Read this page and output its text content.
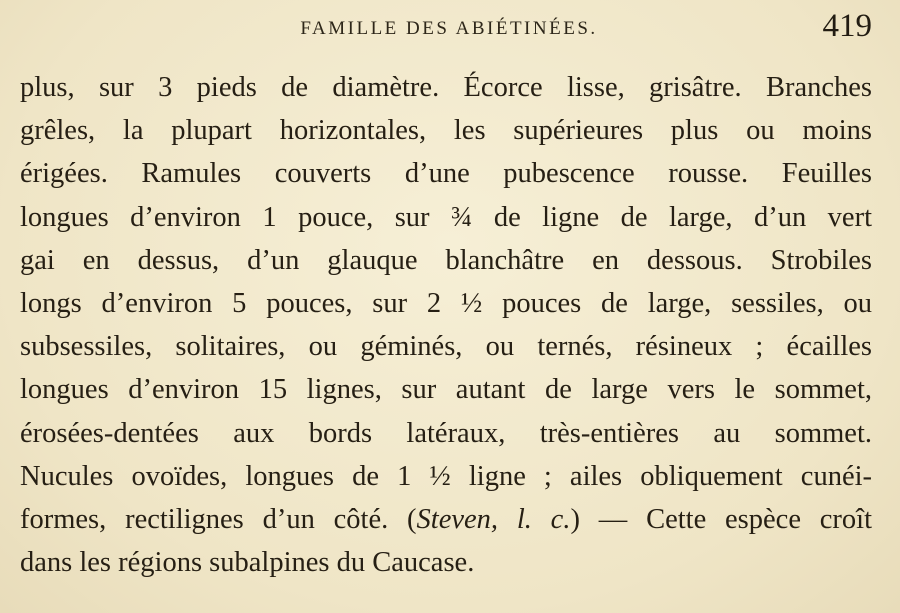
FAMILLE DES ABIÉTINÉES.	419
plus, sur 3 pieds de diamètre. Écorce lisse, grisâtre. Branches
grêles, la plupart horizontales, les supérieures plus ou moins
érigées. Ramules couverts d’une pubescence rousse. Feuilles
longues d’environ 1 pouce, sur ¾ de ligne de large, d’un vert
gai en dessus, d’un glauque blanchâtre en dessous. Strobiles
longs d’environ 5 pouces, sur 2 ½ pouces de large, sessiles, ou
subsessiles, solitaires, ou géminés, ou ternés, résineux ; écailles
longues d’environ 15 lignes, sur autant de large vers le sommet,
érosées-dentées aux bords latéraux, très-entières au sommet.
Nucules ovoïdes, longues de 1 ½ ligne ; ailes obliquement cunéi-
formes, rectilignes d’un côté. (Steven, l. c.) — Cette espèce croît
dans les régions subalpines du Caucase.
